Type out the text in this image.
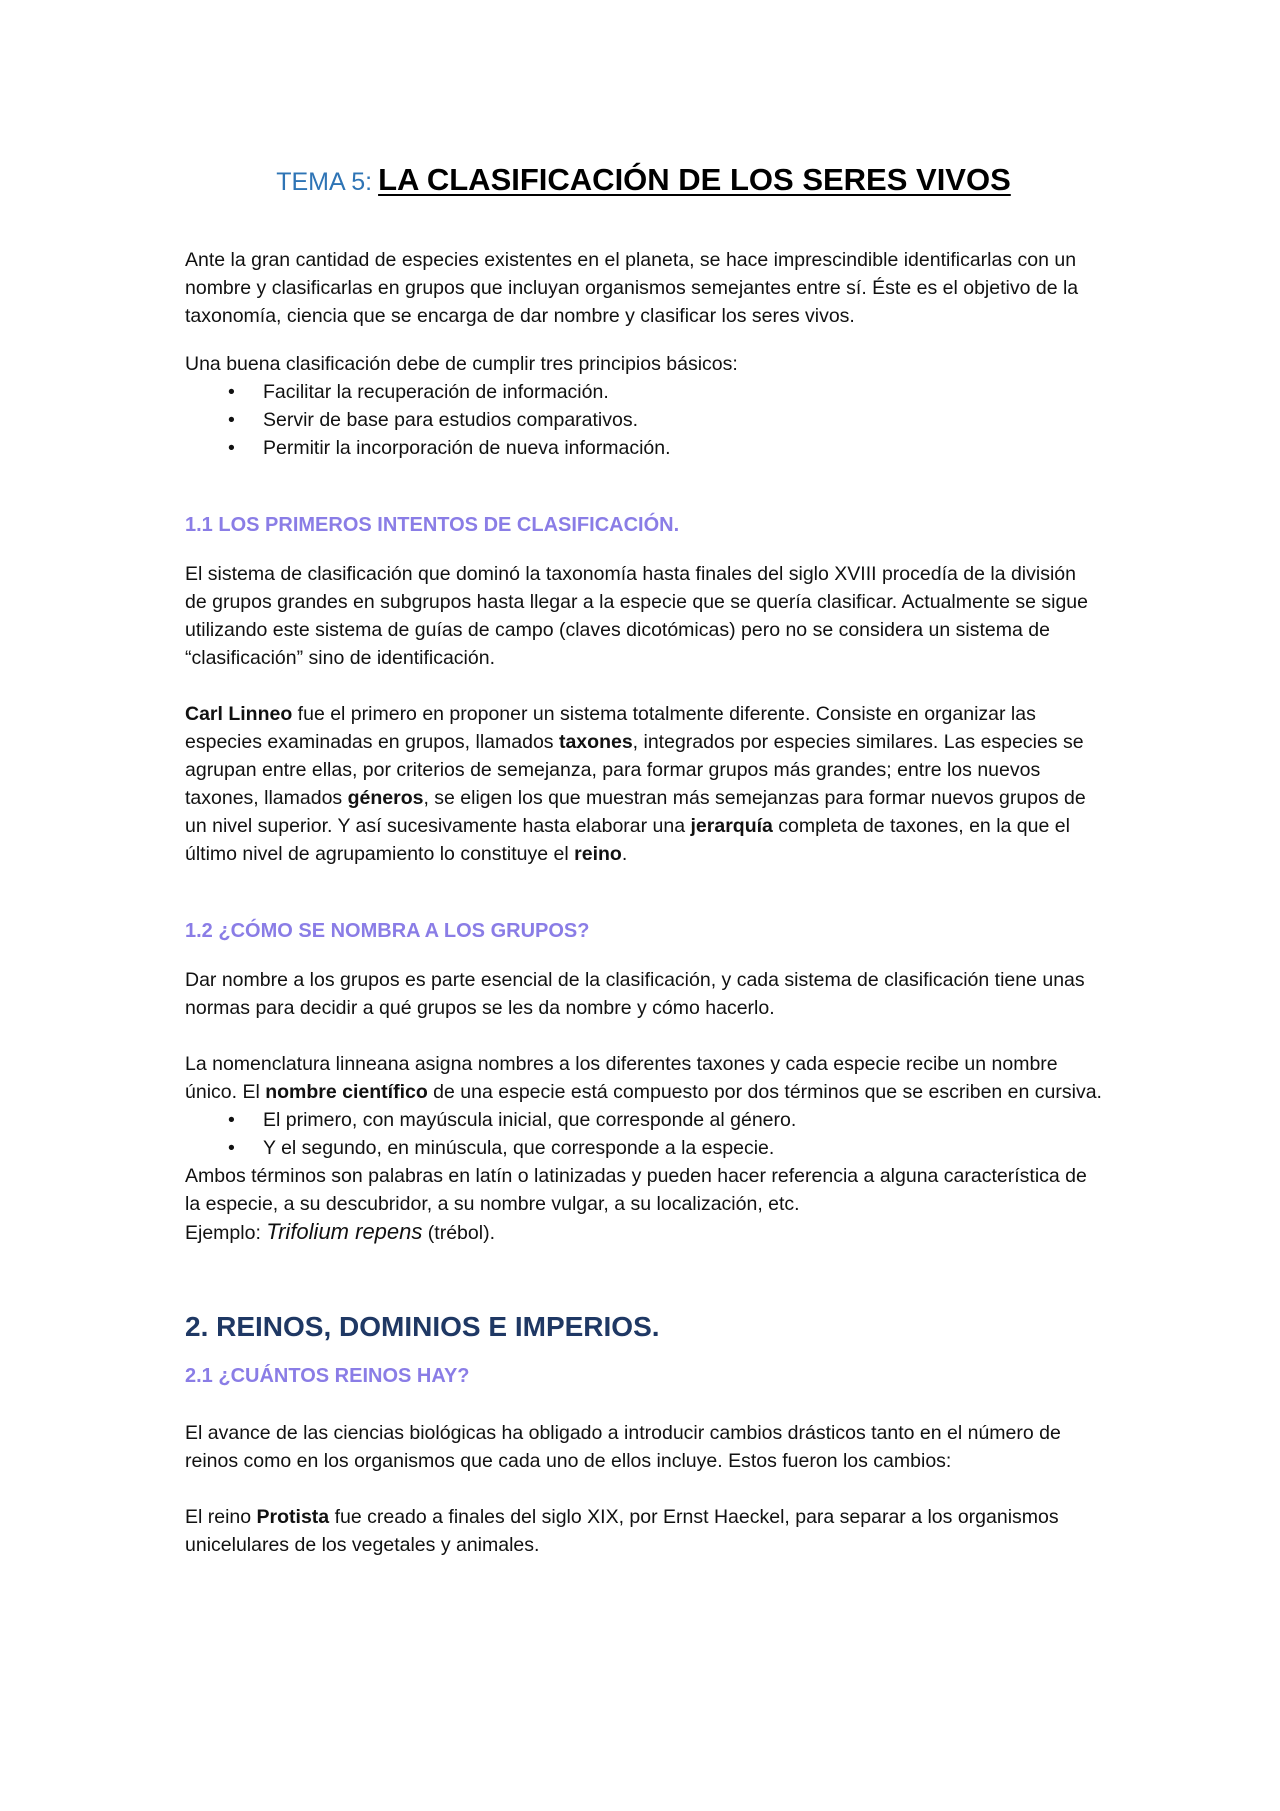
TEMA 5: LA CLASIFICACIÓN DE LOS SERES VIVOS

Ante la gran cantidad de especies existentes en el planeta, se hace imprescindible identificarlas con un nombre y clasificarlas en grupos que incluyan organismos semejantes entre sí. Éste es el objetivo de la taxonomía, ciencia que se encarga de dar nombre y clasificar los seres vivos.

Una buena clasificación debe de cumplir tres principios básicos:

• Facilitar la recuperación de información.
• Servir de base para estudios comparativos.
• Permitir la incorporación de nueva información.
1.1 LOS PRIMEROS INTENTOS DE CLASIFICACIÓN.

El sistema de clasificación que dominó la taxonomía hasta finales del siglo XVIII procedía de la división de grupos grandes en subgrupos hasta llegar a la especie que se quería clasificar. Actualmente se sigue utilizando este sistema de guías de campo (claves dicotómicas) pero no se considera un sistema de “clasificación” sino de identificación.

Carl Linneo fue el primero en proponer un sistema totalmente diferente. Consiste en organizar las especies examinadas en grupos, llamados taxones, integrados por especies similares. Las especies se agrupan entre ellas, por criterios de semejanza, para formar grupos más grandes; entre los nuevos taxones, llamados géneros, se eligen los que muestran más semejanzas para formar nuevos grupos de un nivel superior. Y así sucesivamente hasta elaborar una jerarquía completa de taxones, en la que el último nivel de agrupamiento lo constituye el reino.

1.2 ¿CÓMO SE NOMBRA A LOS GRUPOS?

Dar nombre a los grupos es parte esencial de la clasificación, y cada sistema de clasificación tiene unas normas para decidir a qué grupos se les da nombre y cómo hacerlo.

La nomenclatura linneana asigna nombres a los diferentes taxones y cada especie recibe un nombre único. El nombre científico de una especie está compuesto por dos términos que se escriben en cursiva.

• El primero, con mayúscula inicial, que corresponde al género.
• Y el segundo, en minúscula, que corresponde a la especie.

Ambos términos son palabras en latín o latinizadas y pueden hacer referencia a alguna característica de la especie, a su descubridor, a su nombre vulgar, a su localización, etc.

Ejemplo: Trifolium repens (trébol).

2. REINOS, DOMINIOS E IMPERIOS.
2.1 ¿CUÁNTOS REINOS HAY?

El avance de las ciencias biológicas ha obligado a introducir cambios drásticos tanto en el número de reinos como en los organismos que cada uno de ellos incluye. Estos fueron los cambios:

El reino Protista fue creado a finales del siglo XIX, por Ernst Haeckel, para separar a los organismos unicelulares de los vegetales y animales.
